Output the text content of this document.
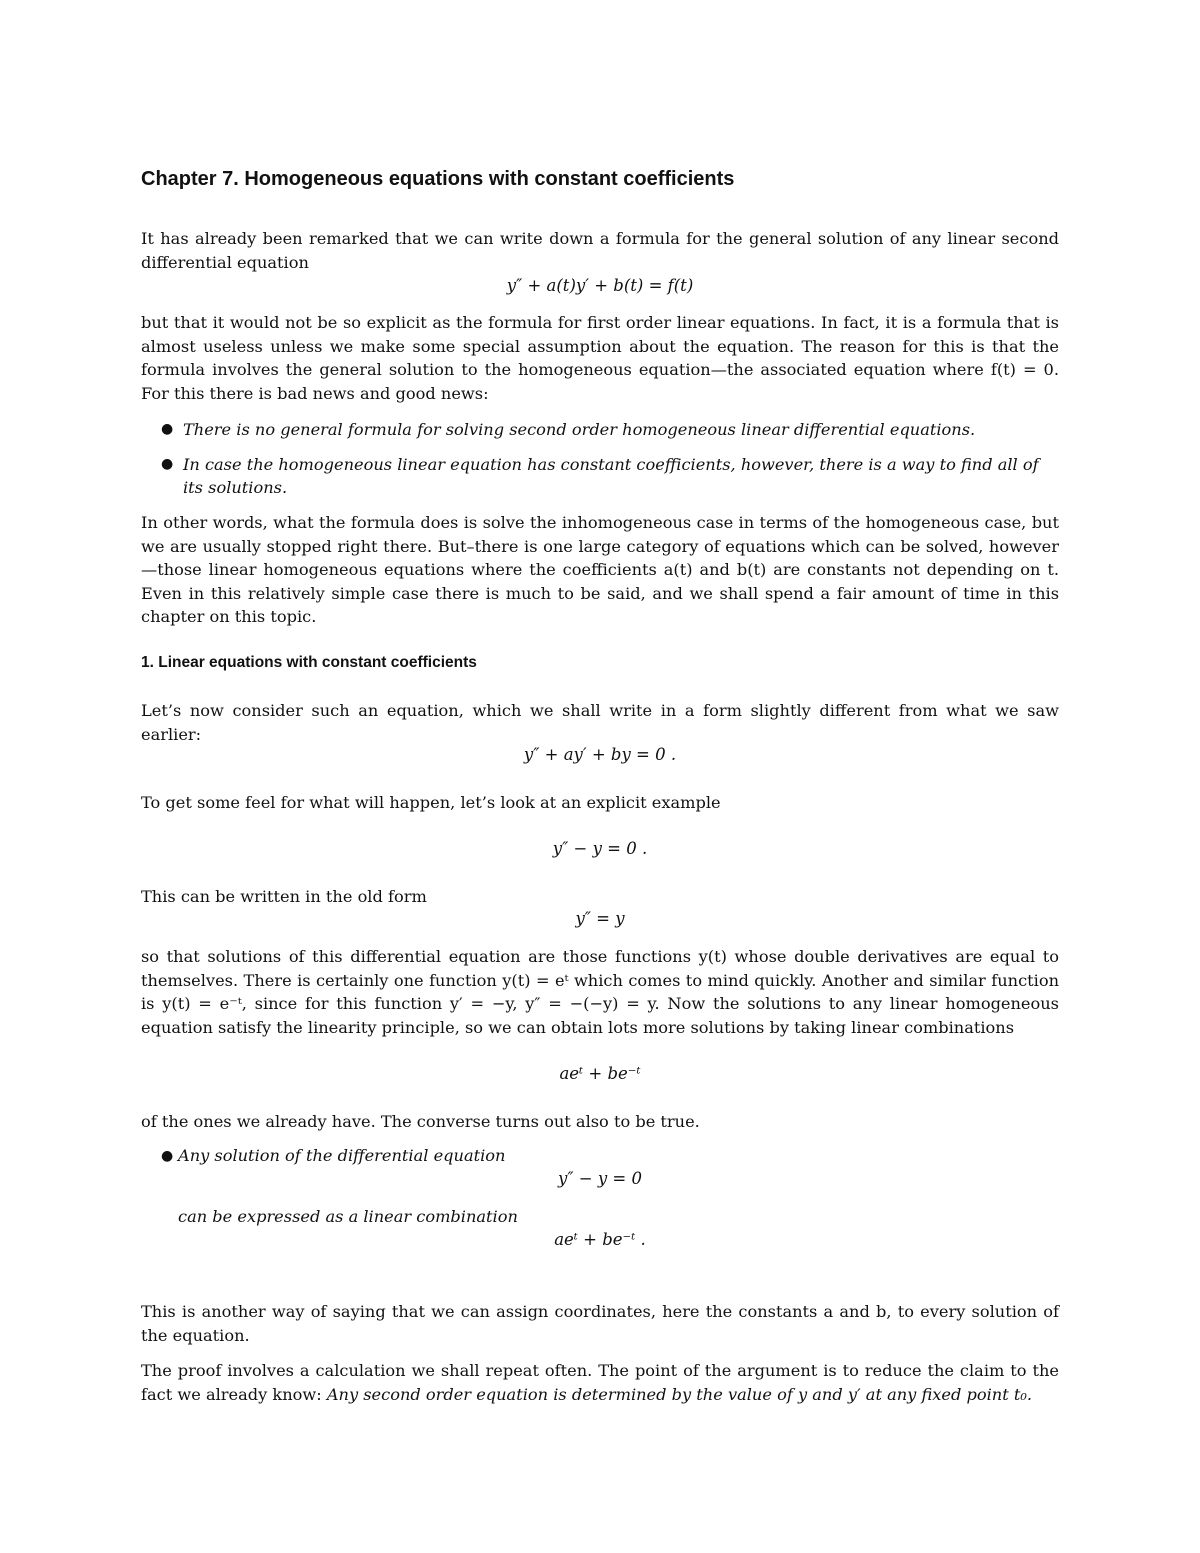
Chapter 7. Homogeneous equations with constant coefficients

It has already been remarked that we can write down a formula for the general solution of any linear second differential equation

y″ + a(t)y′ + b(t) = f(t)

but that it would not be so explicit as the formula for first order linear equations. In fact, it is a formula that is almost useless unless we make some special assumption about the equation. The reason for this is that the formula involves the general solution to the homogeneous equation—the associated equation where f(t) = 0. For this there is bad news and good news:

● There is no general formula for solving second order homogeneous linear differential equations.
● In case the homogeneous linear equation has constant coefficients, however, there is a way to find all of its solutions.

In other words, what the formula does is solve the inhomogeneous case in terms of the homogeneous case, but we are usually stopped right there. But–there is one large category of equations which can be solved, however—those linear homogeneous equations where the coefficients a(t) and b(t) are constants not depending on t. Even in this relatively simple case there is much to be said, and we shall spend a fair amount of time in this chapter on this topic.

1. Linear equations with constant coefficients

Let’s now consider such an equation, which we shall write in a form slightly different from what we saw earlier:

y″ + ay′ + by = 0 .

To get some feel for what will happen, let’s look at an explicit example

y″ − y = 0 .

This can be written in the old form

y″ = y

so that solutions of this differential equation are those functions y(t) whose double derivatives are equal to themselves. There is certainly one function y(t) = eᵗ which comes to mind quickly. Another and similar function is y(t) = e⁻ᵗ, since for this function y′ = −y, y″ = −(−y) = y. Now the solutions to any linear homogeneous equation satisfy the linearity principle, so we can obtain lots more solutions by taking linear combinations

aeᵗ + be⁻ᵗ

of the ones we already have. The converse turns out also to be true.

● Any solution of the differential equation
y″ − y = 0
can be expressed as a linear combination
aeᵗ + be⁻ᵗ .

This is another way of saying that we can assign coordinates, here the constants a and b, to every solution of the equation.

The proof involves a calculation we shall repeat often. The point of the argument is to reduce the claim to the fact we already know: Any second order equation is determined by the value of y and y′ at any fixed point t₀.
